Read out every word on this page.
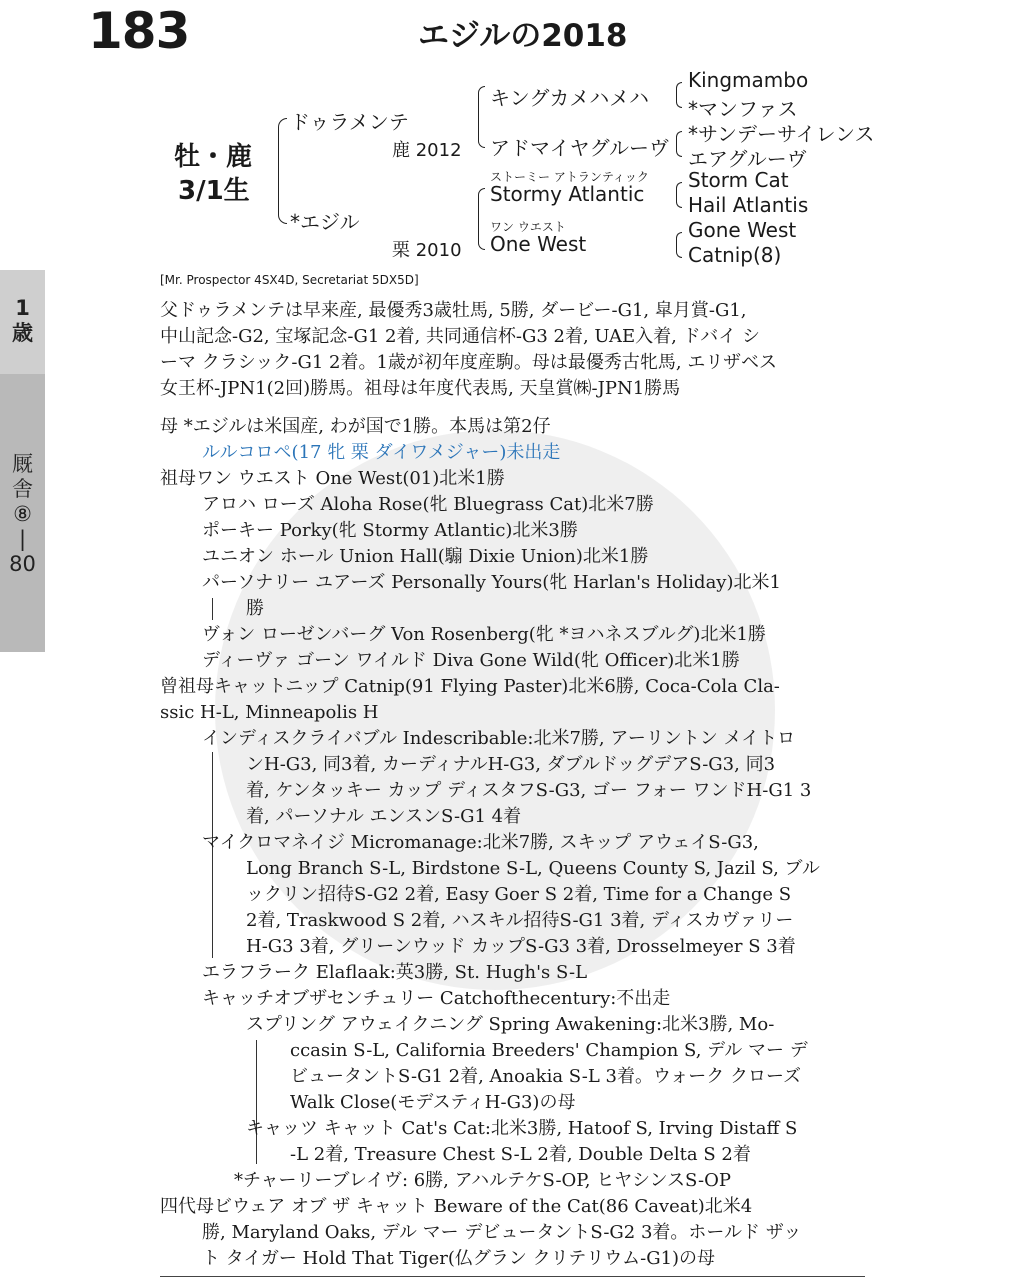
183	エジルの2018
1
歳
厩
舎
⑧
|
80
牡・鹿
3/1生
ドゥラメンテ
鹿 2012
*エジル
栗 2010
キングカメハメハ
アドマイヤグルーヴ
ストーミー アトランティック
Stormy Atlantic
ワン ウエスト
One West
Kingmambo
*マンファス
*サンデーサイレンス
エアグルーヴ
Storm Cat
Hail Atlantis
Gone West
Catnip(8)
[Mr. Prospector 4SX4D, Secretariat 5DX5D]
父ドゥラメンテは早来産, 最優秀3歳牡馬, 5勝, ダービー-G1, 皐月賞-G1,
中山記念-G2, 宝塚記念-G1 2着, 共同通信杯-G3 2着, UAE入着, ドバイ シ
ーマ クラシック-G1 2着。1歳が初年度産駒。母は最優秀古牝馬, エリザベス
女王杯-JPN1(2回)勝馬。祖母は年度代表馬, 天皇賞㈱-JPN1勝馬
母 *エジルは米国産, わが国で1勝。本馬は第2仔
ルルコロペ(17 牝 栗 ダイワメジャー)未出走
祖母ワン ウエスト One West(01)北米1勝
アロハ ローズ Aloha Rose(牝 Bluegrass Cat)北米7勝
ポーキー Porky(牝 Stormy Atlantic)北米3勝
ユニオン ホール Union Hall(騸 Dixie Union)北米1勝
パーソナリー ユアーズ Personally Yours(牝 Harlan's Holiday)北米1
勝
ヴォン ローゼンバーグ Von Rosenberg(牝 *ヨハネスブルグ)北米1勝
ディーヴァ ゴーン ワイルド Diva Gone Wild(牝 Officer)北米1勝
曾祖母キャットニップ Catnip(91 Flying Paster)北米6勝, Coca-Cola Cla-
ssic H-L, Minneapolis H
インディスクライバブル Indescribable:北米7勝, アーリントン メイトロ
ンH-G3, 同3着, カーディナルH-G3, ダブルドッグデアS-G3, 同3
着, ケンタッキー カップ ディスタフS-G3, ゴー フォー ワンドH-G1 3
着, パーソナル エンスンS-G1 4着
マイクロマネイジ Micromanage:北米7勝, スキップ アウェイS-G3,
Long Branch S-L, Birdstone S-L, Queens County S, Jazil S, ブル
ックリン招待S-G2 2着, Easy Goer S 2着, Time for a Change S
2着, Traskwood S 2着, ハスキル招待S-G1 3着, ディスカヴァリー
H-G3 3着, グリーンウッド カップS-G3 3着, Drosselmeyer S 3着
エラフラーク Elaflaak:英3勝, St. Hugh's S-L
キャッチオブザセンチュリー Catchofthecentury:不出走
スプリング アウェイクニング Spring Awakening:北米3勝, Mo-
ccasin S-L, California Breeders' Champion S, デル マー デ
ビュータントS-G1 2着, Anoakia S-L 3着。ウォーク クローズ
Walk Close(モデスティH-G3)の母
キャッツ キャット Cat's Cat:北米3勝, Hatoof S, Irving Distaff S
-L 2着, Treasure Chest S-L 2着, Double Delta S 2着
*チャーリーブレイヴ: 6勝, アハルテケS-OP, ヒヤシンスS-OP
四代母ビウェア オブ ザ キャット Beware of the Cat(86 Caveat)北米4
勝, Maryland Oaks, デル マー デビュータントS-G2 3着。ホールド ザッ
ト タイガー Hold That Tiger(仏グラン クリテリウム-G1)の母
